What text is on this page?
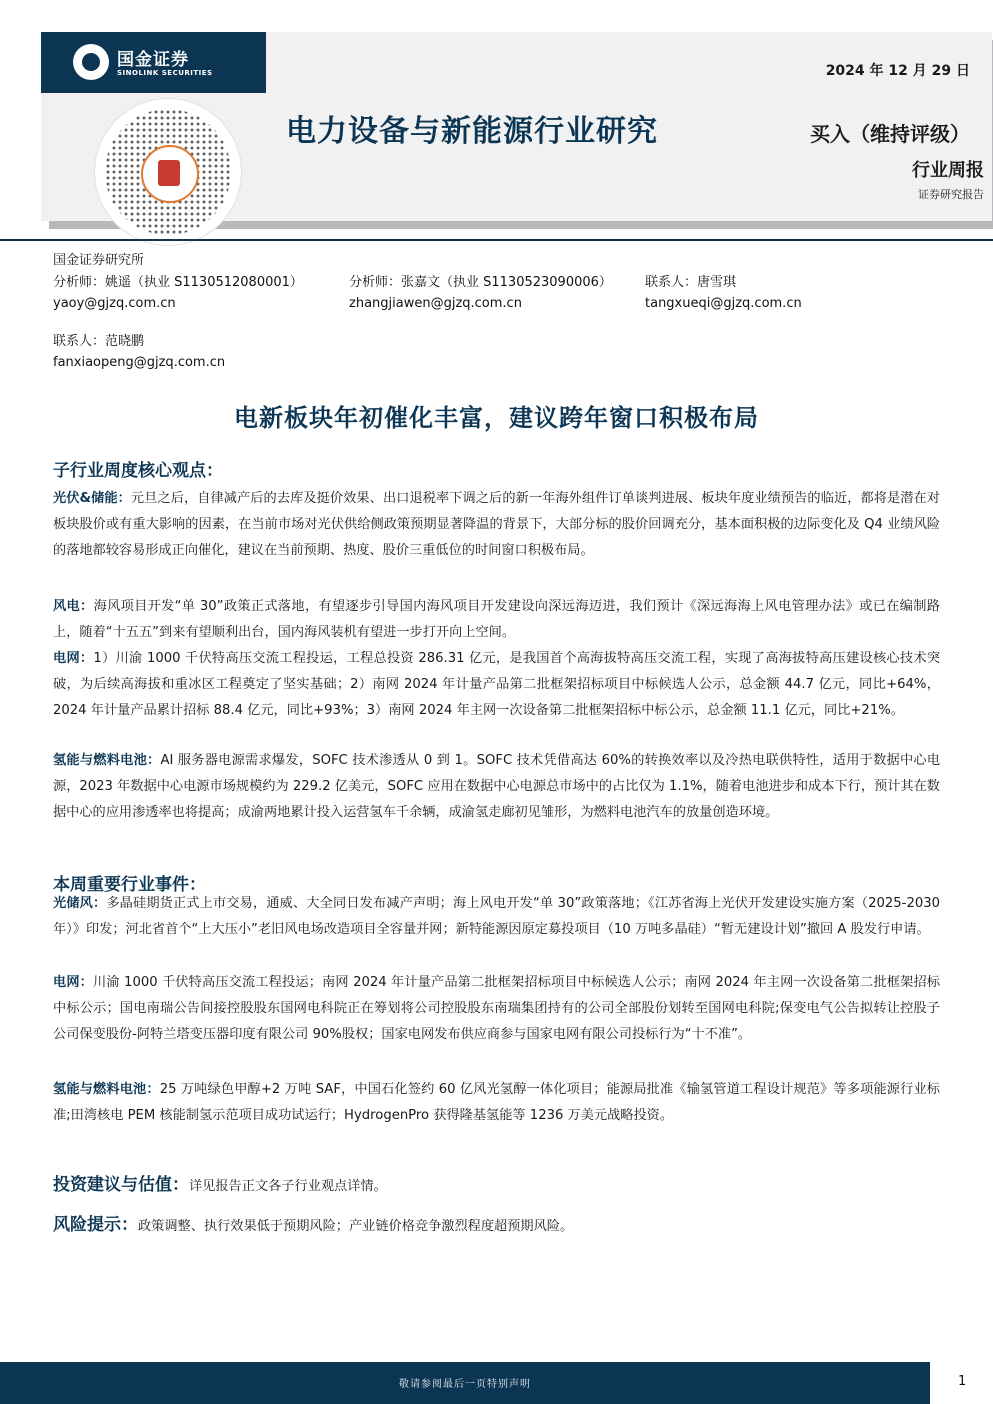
国金证券
SINOLINK SECURITIES	2024 年 12 月 29 日
电力设备与新能源行业研究	买入（维持评级）
行业周报
证券研究报告
国金证券研究所
分析师：姚遥（执业 S1130512080001）
yaoy@gjzq.com.cn
分析师：张嘉文（执业 S1130523090006）
zhangjiawen@gjzq.com.cn
联系人：唐雪琪
tangxueqi@gjzq.com.cn
联系人：范晓鹏
fanxiaopeng@gjzq.com.cn
电新板块年初催化丰富，建议跨年窗口积极布局
子行业周度核心观点：
光伏&储能：元旦之后，自律减产后的去库及挺价效果、出口退税率下调之后的新一年海外组件订单谈判进展、板块年度业绩预告的临近，都将是潜在对板块股价或有重大影响的因素，在当前市场对光伏供给侧政策预期显著降温的背景下，大部分标的股价回调充分，基本面积极的边际变化及 Q4 业绩风险的落地都较容易形成正向催化，建议在当前预期、热度、股价三重低位的时间窗口积极布局。
风电：海风项目开发“单 30”政策正式落地，有望逐步引导国内海风项目开发建设向深远海迈进，我们预计《深远海海上风电管理办法》或已在编制路上，随着“十五五”到来有望顺利出台，国内海风装机有望进一步打开向上空间。
电网：1）川渝 1000 千伏特高压交流工程投运，工程总投资 286.31 亿元，是我国首个高海拔特高压交流工程，实现了高海拔特高压建设核心技术突破，为后续高海拔和重冰区工程奠定了坚实基础；2）南网 2024 年计量产品第二批框架招标项目中标候选人公示，总金额 44.7 亿元，同比+64%，2024 年计量产品累计招标 88.4 亿元，同比+93%；3）南网 2024 年主网一次设备第二批框架招标中标公示，总金额 11.1 亿元，同比+21%。
氢能与燃料电池：AI 服务器电源需求爆发，SOFC 技术渗透从 0 到 1。SOFC 技术凭借高达 60%的转换效率以及冷热电联供特性，适用于数据中心电源，2023 年数据中心电源市场规模约为 229.2 亿美元，SOFC 应用在数据中心电源总市场中的占比仅为 1.1%，随着电池进步和成本下行，预计其在数据中心的应用渗透率也将提高；成渝两地累计投入运营氢车千余辆，成渝氢走廊初见雏形，为燃料电池汽车的放量创造环境。
本周重要行业事件：
光储风：多晶硅期货正式上市交易，通威、大全同日发布减产声明；海上风电开发“单 30”政策落地；《江苏省海上光伏开发建设实施方案（2025-2030 年）》印发；河北省首个“上大压小”老旧风电场改造项目全容量并网；新特能源因原定募投项目（10 万吨多晶硅）“暂无建设计划”撤回 A 股发行申请。
电网：川渝 1000 千伏特高压交流工程投运；南网 2024 年计量产品第二批框架招标项目中标候选人公示；南网 2024 年主网一次设备第二批框架招标中标公示；国电南瑞公告间接控股股东国网电科院正在筹划将公司控股股东南瑞集团持有的公司全部股份划转至国网电科院;保变电气公告拟转让控股子公司保变股份-阿特兰塔变压器印度有限公司 90%股权；国家电网发布供应商参与国家电网有限公司投标行为“十不准”。
氢能与燃料电池：25 万吨绿色甲醇+2 万吨 SAF，中国石化签约 60 亿风光氢醇一体化项目；能源局批准《输氢管道工程设计规范》等多项能源行业标准;田湾核电 PEM 核能制氢示范项目成功试运行；HydrogenPro 获得隆基氢能等 1236 万美元战略投资。
投资建议与估值：详见报告正文各子行业观点详情。
风险提示：政策调整、执行效果低于预期风险；产业链价格竞争激烈程度超预期风险。
敬请参阅最后一页特别声明	1
